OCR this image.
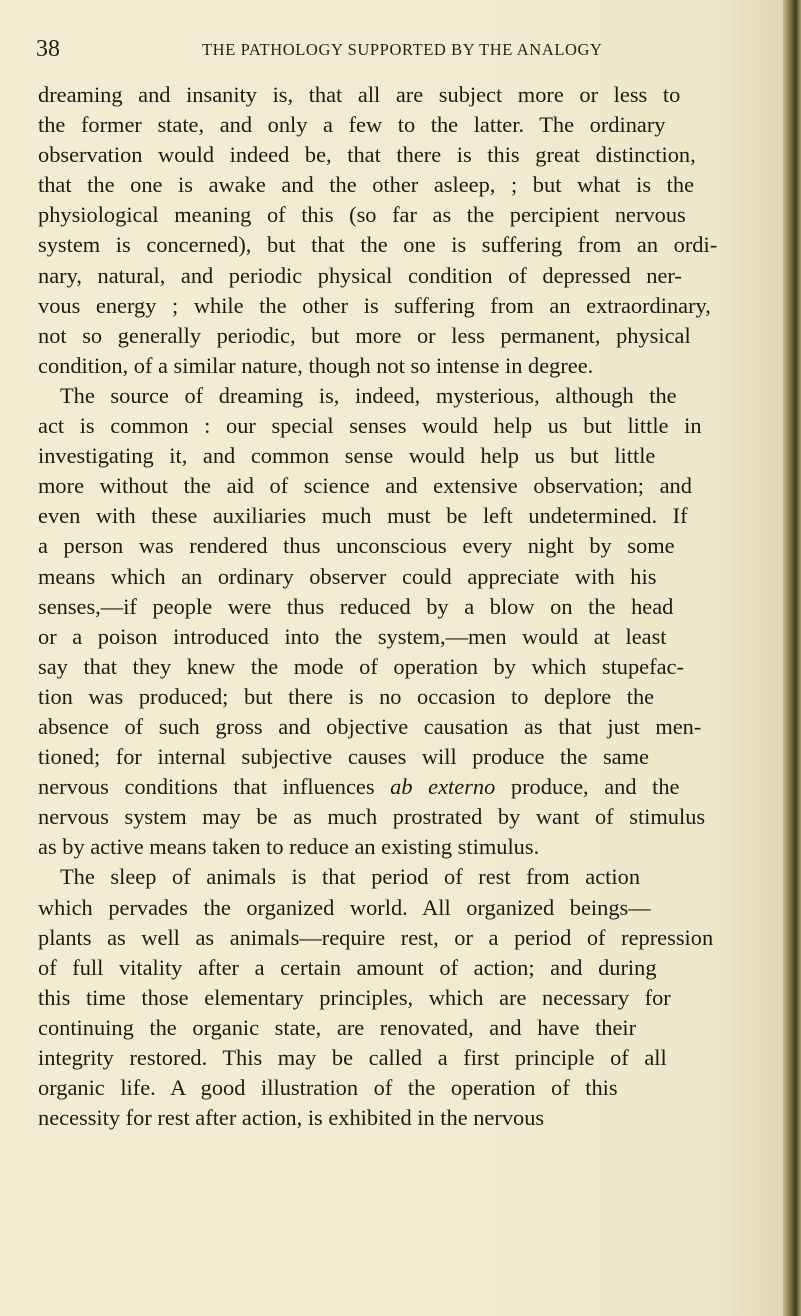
38	THE PATHOLOGY SUPPORTED BY THE ANALOGY
dreaming and insanity is, that all are subject more or less to
the former state, and only a few to the latter. The ordinary
observation would indeed be, that there is this great distinction,
that the one is awake and the other asleep, ; but what is the
physiological meaning of this (so far as the percipient nervous
system is concerned), but that the one is suffering from an ordi-
nary, natural, and periodic physical condition of depressed ner-
vous energy ; while the other is suffering from an extraordinary,
not so generally periodic, but more or less permanent, physical
condition, of a similar nature, though not so intense in degree.
The source of dreaming is, indeed, mysterious, although the
act is common : our special senses would help us but little in
investigating it, and common sense would help us but little
more without the aid of science and extensive observation; and
even with these auxiliaries much must be left undetermined. If
a person was rendered thus unconscious every night by some
means which an ordinary observer could appreciate with his
senses,—if people were thus reduced by a blow on the head
or a poison introduced into the system,—men would at least
say that they knew the mode of operation by which stupefac-
tion was produced; but there is no occasion to deplore the
absence of such gross and objective causation as that just men-
tioned; for internal subjective causes will produce the same
nervous conditions that influences ab externo produce, and the
nervous system may be as much prostrated by want of stimulus
as by active means taken to reduce an existing stimulus.
The sleep of animals is that period of rest from action
which pervades the organized world. All organized beings—
plants as well as animals—require rest, or a period of repression
of full vitality after a certain amount of action; and during
this time those elementary principles, which are necessary for
continuing the organic state, are renovated, and have their
integrity restored. This may be called a first principle of all
organic life. A good illustration of the operation of this
necessity for rest after action, is exhibited in the nervous
